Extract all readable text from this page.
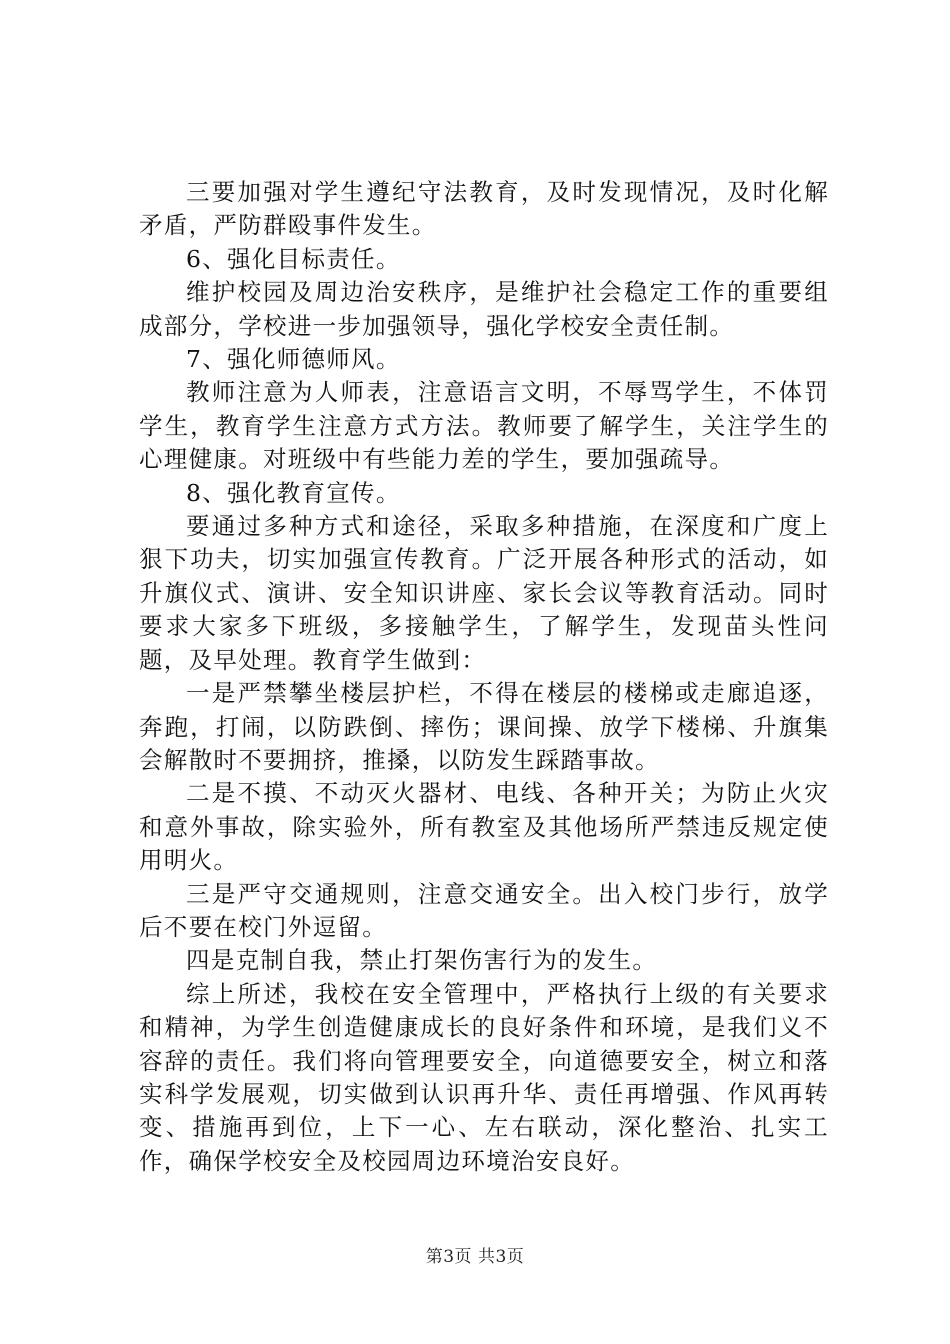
三要加强对学生遵纪守法教育，及时发现情况，及时化解矛盾，严防群殴事件发生。

6、强化目标责任。

维护校园及周边治安秩序，是维护社会稳定工作的重要组成部分，学校进一步加强领导，强化学校安全责任制。

7、强化师德师风。

教师注意为人师表，注意语言文明，不辱骂学生，不体罚学生，教育学生注意方式方法。教师要了解学生，关注学生的心理健康。对班级中有些能力差的学生，要加强疏导。

8、强化教育宣传。

要通过多种方式和途径，采取多种措施，在深度和广度上狠下功夫，切实加强宣传教育。广泛开展各种形式的活动，如升旗仪式、演讲、安全知识讲座、家长会议等教育活动。同时要求大家多下班级，多接触学生，了解学生，发现苗头性问题，及早处理。教育学生做到：

一是严禁攀坐楼层护栏，不得在楼层的楼梯或走廊追逐，奔跑，打闹，以防跌倒、摔伤；课间操、放学下楼梯、升旗集会解散时不要拥挤，推搡，以防发生踩踏事故。

二是不摸、不动灭火器材、电线、各种开关；为防止火灾和意外事故，除实验外，所有教室及其他场所严禁违反规定使用明火。

三是严守交通规则，注意交通安全。出入校门步行，放学后不要在校门外逗留。

四是克制自我，禁止打架伤害行为的发生。

综上所述，我校在安全管理中，严格执行上级的有关要求和精神，为学生创造健康成长的良好条件和环境，是我们义不容辞的责任。我们将向管理要安全，向道德要安全，树立和落实科学发展观，切实做到认识再升华、责任再增强、作风再转变、措施再到位，上下一心、左右联动，深化整治、扎实工作，确保学校安全及校园周边环境治安良好。

第3页 共3页
